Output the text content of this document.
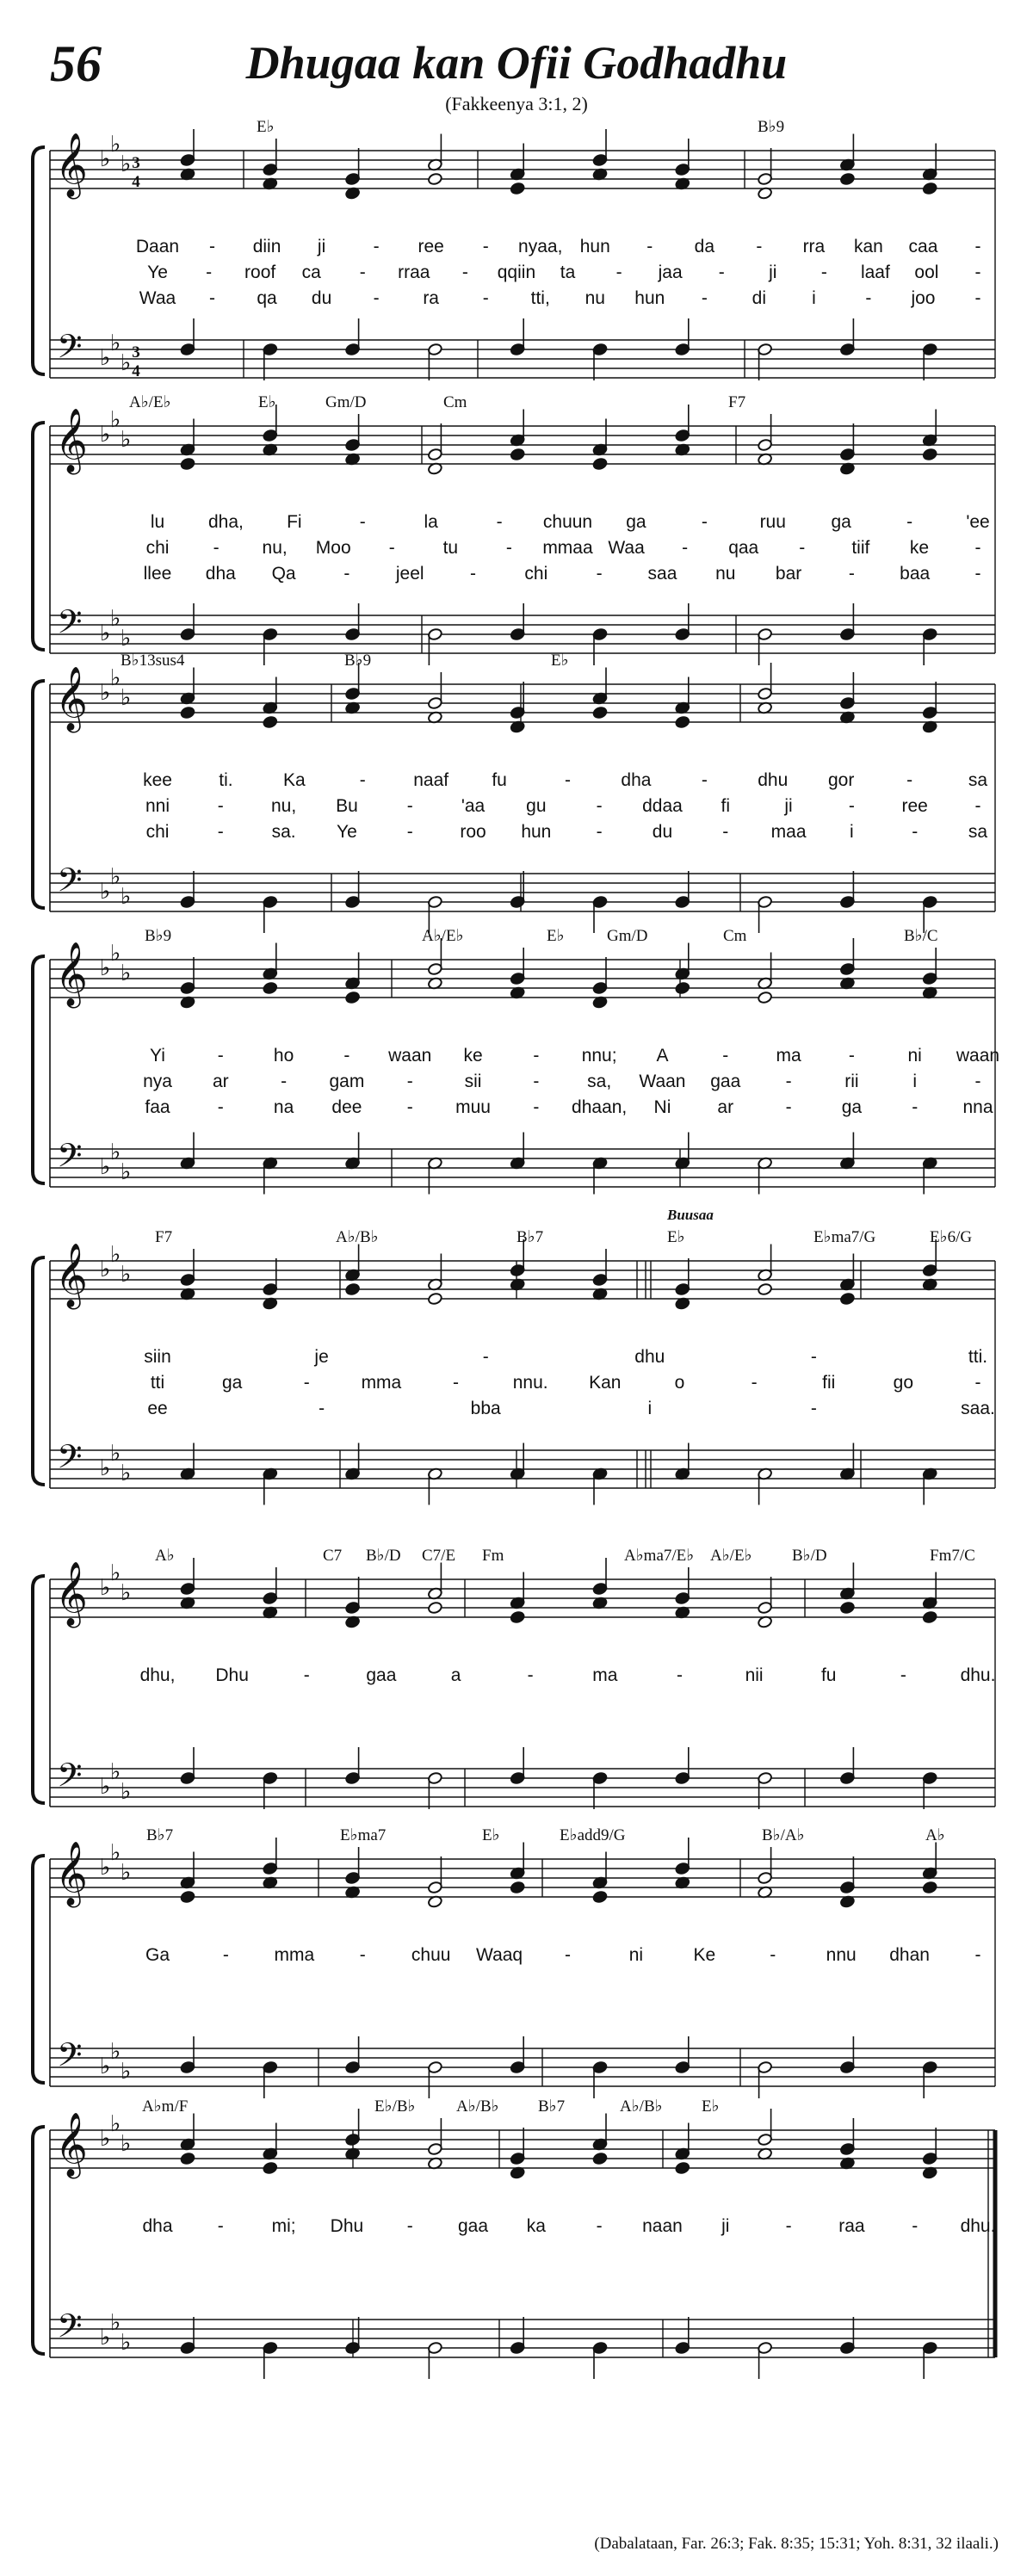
56	Dhugaa kan Ofii Godhadhu
(Fakkeenya 3:1, 2)
𝄞
𝄢
♭
♭
♭
♭
♭
♭
3
4
3
4
E♭	B♭9
Daan - diin ji	- ree - nyaa, hun - da - rra kan caa -
Ye - roof ca - rraa - qqiin ta - jaa - ji - laaf ool -
Waa - qa du - ra - tti, nu hun - di	i	- joo -
𝄞
𝄢
♭
♭
♭
♭
♭
♭
A♭/E♭	E♭	Gm/D	Cm	F7
lu dha, Fi	-	la	- chuun ga	-	ruu	ga	-	'ee
chi - nu, Moo -	tu	- mmaa Waa - qaa -	tiif ke	-
llee dha Qa	-	jeel	-	chi	-	saa nu bar	- baa -
𝄞
𝄢
♭
♭
♭
♭
♭
♭
B♭13sus4	B♭9	E♭
kee	ti.	Ka	-	naaf fu	-	dha	-	dhu gor	-	sa
nni	-	nu, Bu	-	'aa gu	- ddaa fi	ji	-	ree	-
chi	-	sa. Ye	-	roo hun -	du	- maa i	-	sa
𝄞
𝄢
♭
♭
♭
♭
♭
♭
B♭9	A♭/E♭	E♭	Gm/D	Cm	B♭/C
Yi	-	ho	- waan ke	- nnu; A	-	ma	-	ni waan
nya ar	- gam -	sii	-	sa, Waan gaa -	rii	i	-
faa	-	na dee - muu - dhaan, Ni	ar	-	ga	- nna
𝄞
𝄢
♭
♭
♭
♭
♭
♭
F7	A♭/B♭	B♭7	E♭	E♭ma7/G	E♭6/G
Buusaa
siin	je	-	dhu	-	tti.
tti	ga	-	mma	-	nnu. Kan	o	-	fii	go	-
ee	-	bba	i	-	saa.
𝄞
𝄢
♭
♭
♭
♭
♭
♭
A♭	C7 B♭/D C7/E Fm	A♭ma7/E♭ A♭/E♭ B♭/D	Fm7/C
dhu, Dhu	-	gaa	a	-	ma	-	nii	fu	-	dhu.
𝄞
𝄢
♭
♭
♭
♭
♭
♭
B♭7	E♭ma7	E♭	E♭add9/G	B♭/A♭	A♭
Ga	-	mma	-	chuu Waaq -	ni	Ke	-	nnu dhan	-
𝄞
𝄢
♭
♭
♭
♭
♭
♭
A♭m/F	E♭/B♭	A♭/B♭ B♭7	A♭/B♭ E♭
dha -	mi; Dhu - gaa ka	- naan ji	-	raa	- dhu.
(Dabalataan, Far. 26:3; Fak. 8:35; 15:31; Yoh. 8:31, 32 ilaali.)
